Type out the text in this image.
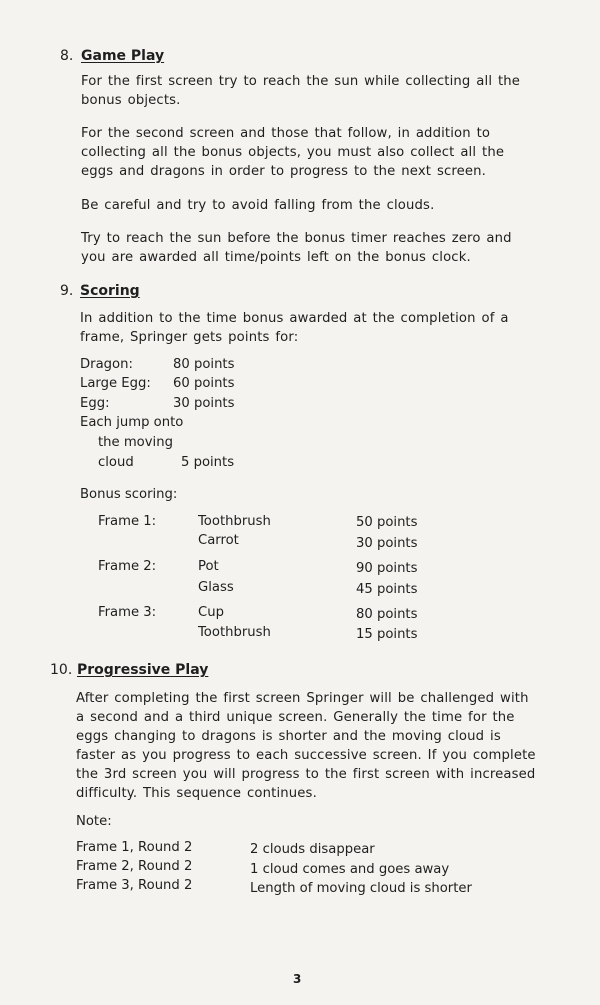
8. Game Play
For the first screen try to reach the sun while collecting all the bonus objects.
For the second screen and those that follow, in addition to collecting all the bonus objects, you must also collect all the eggs and dragons in order to progress to the next screen.
Be careful and try to avoid falling from the clouds.
Try to reach the sun before the bonus timer reaches zero and you are awarded all time/points left on the bonus clock.
9. Scoring
In addition to the time bonus awarded at the completion of a frame, Springer gets points for:
Dragon:	80 points
Large Egg: 60 points
Egg:	30 points
Each jump onto
the moving
cloud	5 points
Bonus scoring:
Frame 1:	Toothbrush	50 points
Carrot	30 points
Frame 2:	Pot	90 points
Glass	45 points
Frame 3:	Cup	80 points
Toothbrush	15 points
10. Progressive Play
After completing the first screen Springer will be challenged with a second and a third unique screen. Generally the time for the eggs changing to dragons is shorter and the moving cloud is faster as you progress to each successive screen. If you complete the 3rd screen you will progress to the first screen with increased difficulty. This sequence continues.
Note:
Frame 1, Round 2	2 clouds disappear
Frame 2, Round 2	1 cloud comes and goes away
Frame 3, Round 2	Length of moving cloud is shorter
3
